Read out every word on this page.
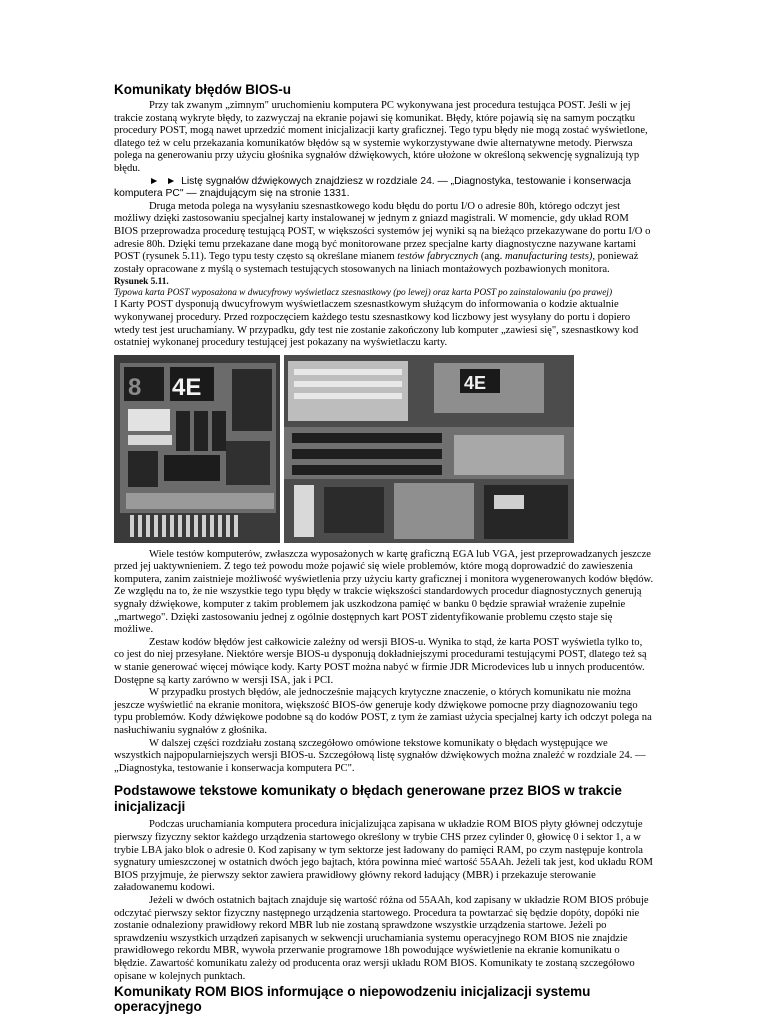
Komunikaty błędów BIOS-u

Przy tak zwanym „zimnym" uruchomieniu komputera PC wykonywana jest procedura testująca POST. Jeśli w jej trakcie zostaną wykryte błędy, to zazwyczaj na ekranie pojawi się komunikat. Błędy, które pojawią się na samym początku procedury POST, mogą nawet uprzedzić moment inicjalizacji karty graficznej. Tego typu błędy nie mogą zostać wyświetlone, dlatego też w celu przekazania komunikatów błędów są w systemie wykorzystywane dwie alternatywne metody. Pierwsza polega na generowaniu przy użyciu głośnika sygnałów dźwiękowych, które ułożone w określoną sekwencję sygnalizują typ błędu.

► ► Listę sygnałów dźwiękowych znajdziesz w rozdziale 24. — „Diagnostyka, testowanie i konserwacja komputera PC" — znajdującym się na stronie 1331.

Druga metoda polega na wysyłaniu szesnastkowego kodu błędu do portu I/O o adresie 80h, którego odczyt jest możliwy dzięki zastosowaniu specjalnej karty instalowanej w jednym z gniazd magistrali. W momencie, gdy układ ROM BIOS przeprowadza procedurę testującą POST, w większości systemów jej wyniki są na bieżąco przekazywane do portu I/O o adresie 80h. Dzięki temu przekazane dane mogą być monitorowane przez specjalne karty diagnostyczne nazywane kartami POST (rysunek 5.11). Tego typu testy często są określane mianem testów fabrycznych (ang. manufacturing tests), ponieważ zostały opracowane z myślą o systemach testujących stosowanych na liniach montażowych pozbawionych monitora.

Rysunek 5.11.
Typowa karta POST wyposażona w dwucyfrowy wyświetlacz szesnastkowy (po lewej) oraz karta POST po zainstalowaniu (po prawej)

I Karty POST dysponują dwucyfrowym wyświetlaczem szesnastkowym służącym do informowania o kodzie aktualnie wykonywanej procedury. Przed rozpoczęciem każdego testu szesnastkowy kod liczbowy jest wysyłany do portu i dopiero wtedy test jest uruchamiany. W przypadku, gdy test nie zostanie zakończony lub komputer „zawiesi się", szesnastkowy kod ostatniej wykonanej procedury testującej jest pokazany na wyświetlaczu karty.

8 4E	4E

Wiele testów komputerów, zwłaszcza wyposażonych w kartę graficzną EGA lub VGA, jest przeprowadzanych jeszcze przed jej uaktywnieniem. Z tego też powodu może pojawić się wiele problemów, które mogą doprowadzić do zawieszenia komputera, zanim zaistnieje możliwość wyświetlenia przy użyciu karty graficznej i monitora wygenerowanych kodów błędów. Ze względu na to, że nie wszystkie tego typu błędy w trakcie większości standardowych procedur diagnostycznych generują sygnały dźwiękowe, komputer z takim problemem jak uszkodzona pamięć w banku 0 będzie sprawiał wrażenie zupełnie „martwego". Dzięki zastosowaniu jednej z ogólnie dostępnych kart POST zidentyfikowanie problemu często staje się możliwe.

Zestaw kodów błędów jest całkowicie zależny od wersji BIOS-u. Wynika to stąd, że karta POST wyświetla tylko to, co jest do niej przesyłane. Niektóre wersje BIOS-u dysponują dokładniejszymi procedurami testującymi POST, dlatego też są w stanie generować więcej mówiące kody. Karty POST można nabyć w firmie JDR Microdevices lub u innych producentów. Dostępne są karty zarówno w wersji ISA, jak i PCI.

W przypadku prostych błędów, ale jednocześnie mających krytyczne znaczenie, o których komunikatu nie można jeszcze wyświetlić na ekranie monitora, większość BIOS-ów generuje kody dźwiękowe pomocne przy diagnozowaniu tego typu problemów. Kody dźwiękowe podobne są do kodów POST, z tym że zamiast użycia specjalnej karty ich odczyt polega na nasłuchiwaniu sygnałów z głośnika.

W dalszej części rozdziału zostaną szczegółowo omówione tekstowe komunikaty o błędach występujące we wszystkich najpopularniejszych wersji BIOS-u. Szczegółową listę sygnałów dźwiękowych można znaleźć w rozdziale 24. — „Diagnostyka, testowanie i konserwacja komputera PC".

Podstawowe tekstowe komunikaty o błędach generowane przez BIOS w trakcie inicjalizacji

Podczas uruchamiania komputera procedura inicjalizująca zapisana w układzie ROM BIOS płyty głównej odczytuje pierwszy fizyczny sektor każdego urządzenia startowego określony w trybie CHS przez cylinder 0, głowicę 0 i sektor 1, a w trybie LBA jako blok o adresie 0. Kod zapisany w tym sektorze jest ładowany do pamięci RAM, po czym następuje kontrola sygnatury umieszczonej w ostatnich dwóch jego bajtach, która powinna mieć wartość 55AAh. Jeżeli tak jest, kod układu ROM BIOS przyjmuje, że pierwszy sektor zawiera prawidłowy główny rekord ładujący (MBR) i przekazuje sterowanie załadowanemu kodowi.

Jeżeli w dwóch ostatnich bajtach znajduje się wartość różna od 55AAh, kod zapisany w układzie ROM BIOS próbuje odczytać pierwszy sektor fizyczny następnego urządzenia startowego. Procedura ta powtarzać się będzie dopóty, dopóki nie zostanie odnaleziony prawidłowy rekord MBR lub nie zostaną sprawdzone wszystkie urządzenia startowe. Jeżeli po sprawdzeniu wszystkich urządzeń zapisanych w sekwencji uruchamiania systemu operacyjnego ROM BIOS nie znajdzie prawidłowego rekordu MBR, wywoła przerwanie programowe 18h powodujące wyświetlenie na ekranie komunikatu o błędzie. Zawartość komunikatu zależy od producenta oraz wersji układu ROM BIOS. Komunikaty te zostaną szczegółowo opisane w kolejnych punktach.

Komunikaty ROM BIOS informujące o niepowodzeniu inicjalizacji systemu operacyjnego
